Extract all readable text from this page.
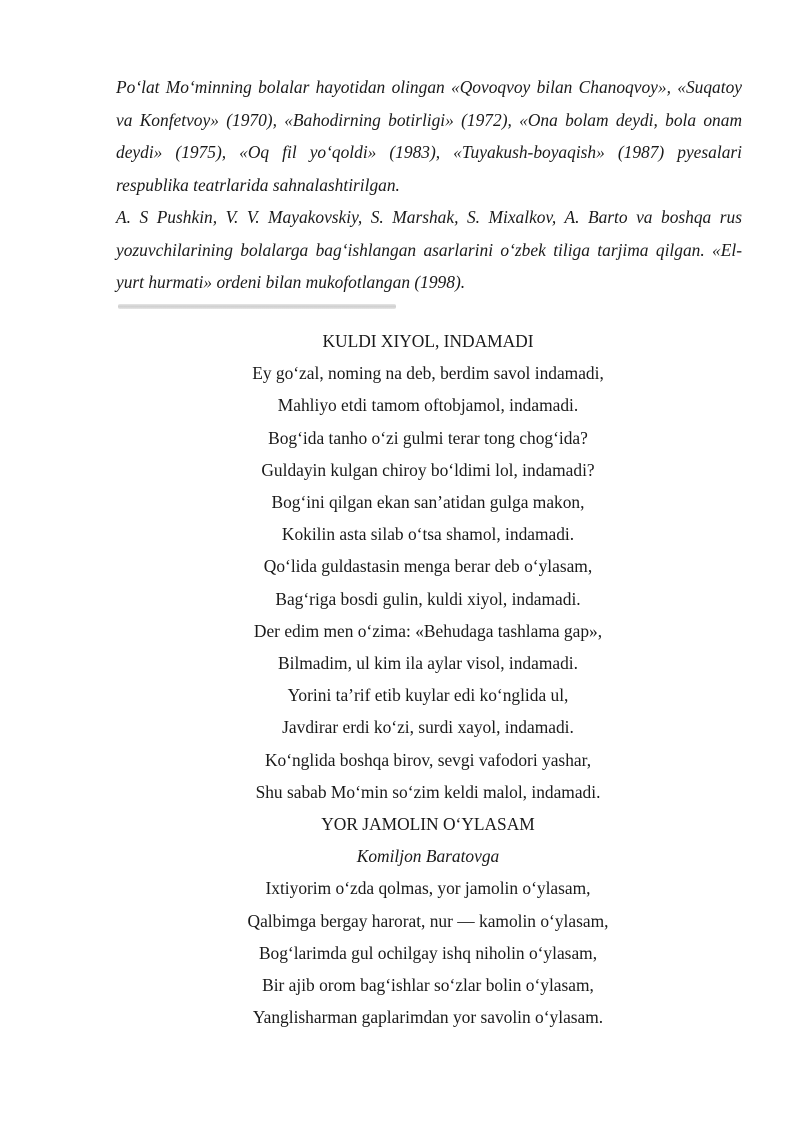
Po‘lat Mo‘minning bolalar hayotidan olingan «Qovoqvoy bilan Chanoqvoy», «Suqatoy va Konfetvoy» (1970), «Bahodirning botirligi» (1972), «Ona bolam deydi, bola onam deydi» (1975), «Oq fil yo‘qoldi» (1983), «Tuyakush-boyaqish» (1987) pyesalari respublika teatrlarida sahnalashtirilgan.

A. S Pushkin, V. V. Mayakovskiy, S. Marshak, S. Mixalkov, A. Barto va boshqa rus yozuvchilarining bolalarga bag‘ishlangan asarlarini o‘zbek tiliga tarjima qilgan. «El-yurt hurmati» ordeni bilan mukofotlangan (1998).

KULDI XIYOL, INDAMADI
Ey go‘zal, noming na deb, berdim savol indamadi,
Mahliyo etdi tamom oftobjamol, indamadi.
Bog‘ida tanho o‘zi gulmi terar tong chog‘ida?
Guldayin kulgan chiroy bo‘ldimi lol, indamadi?
Bog‘ini qilgan ekan san’atidan gulga makon,
Kokilin asta silab o‘tsa shamol, indamadi.
Qo‘lida guldastasin menga berar deb o‘ylasam,
Bag‘riga bosdi gulin, kuldi xiyol, indamadi.
Der edim men o‘zima: «Behudaga tashlama gap»,
Bilmadim, ul kim ila aylar visol, indamadi.
Yorini ta’rif etib kuylar edi ko‘nglida ul,
Javdirar erdi ko‘zi, surdi xayol, indamadi.
Ko‘nglida boshqa birov, sevgi vafodori yashar,
Shu sabab Mo‘min so‘zim keldi malol, indamadi.
YOR JAMOLIN O‘YLASAM
Komiljon Baratovga
Ixtiyorim o‘zda qolmas, yor jamolin o‘ylasam,
Qalbimga bergay harorat, nur — kamolin o‘ylasam,
Bog‘larimda gul ochilgay ishq niholin o‘ylasam,
Bir ajib orom bag‘ishlar so‘zlar bolin o‘ylasam,
Yanglisharman gaplarimdan yor savolin o‘ylasam.
